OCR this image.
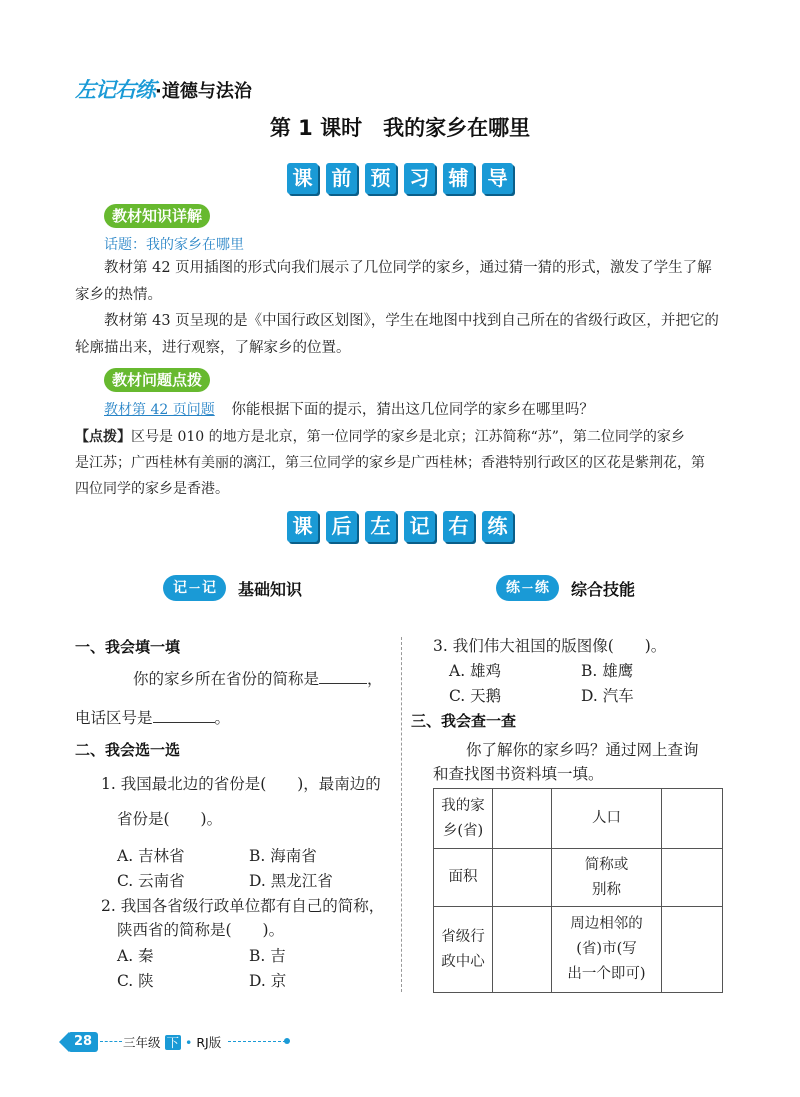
左记右练·道德与法治
第 1 课时　我的家乡在哪里
课 前 预 习 辅 导
教材知识详解
话题：我的家乡在哪里
教材第 42 页用插图的形式向我们展示了几位同学的家乡，通过猜一猜的形式，激发了学生了解
家乡的热情。
教材第 43 页呈现的是《中国行政区划图》，学生在地图中找到自己所在的省级行政区，并把它的
轮廓描出来，进行观察，了解家乡的位置。
教材问题点拨
教材第 42 页问题 你能根据下面的提示，猜出这几位同学的家乡在哪里吗？
【点拨】区号是 010 的地方是北京，第一位同学的家乡是北京；江苏简称“苏”，第二位同学的家乡
是江苏；广西桂林有美丽的漓江，第三位同学的家乡是广西桂林；香港特别行政区的区花是紫荆花，第
四位同学的家乡是香港。
课 后 左 记 右 练
记 一 记	基础知识	练 一 练	综合技能
一、我会填一填
你的家乡所在省份的简称是	，
电话区号是	。
二、我会选一选
1. 我国最北边的省份是(　　)，最南边的
省份是(　　)。
A. 吉林省	B. 海南省
C. 云南省	D. 黑龙江省
2. 我国各省级行政单位都有自己的简称，
陕西省的简称是(　　)。
A. 秦	B. 吉
C. 陕	D. 京
3. 我们伟大祖国的版图像(　　)。
A. 雄鸡	B. 雄鹰
C. 天鹅	D. 汽车
三、我会查一查
你了解你的家乡吗？通过网上查询
和查找图书资料填一填。
我的家
乡(省)		人口	
面积		简称或
别称	
省级行
政中心		周边相邻的
(省)市(写
出一个即可)	
28	三年级 下 • RJ版
